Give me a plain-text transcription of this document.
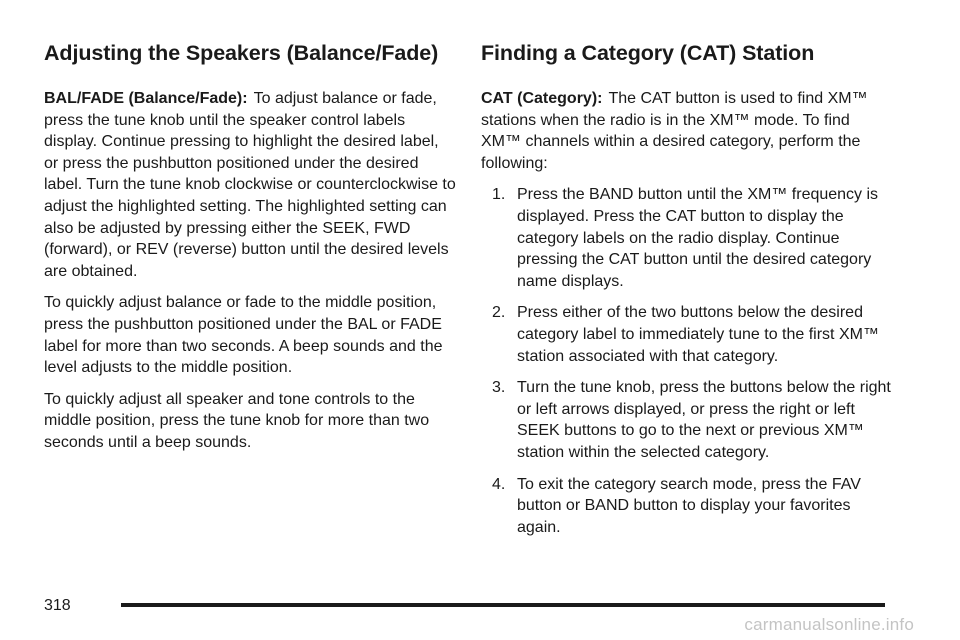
Adjusting the Speakers (Balance/Fade)

BAL/FADE (Balance/Fade): To adjust balance or fade, press the tune knob until the speaker control labels display. Continue pressing to highlight the desired label, or press the pushbutton positioned under the desired label. Turn the tune knob clockwise or counterclockwise to adjust the highlighted setting. The highlighted setting can also be adjusted by pressing either the SEEK, FWD (forward), or REV (reverse) button until the desired levels are obtained.

To quickly adjust balance or fade to the middle position, press the pushbutton positioned under the BAL or FADE label for more than two seconds. A beep sounds and the level adjusts to the middle position.

To quickly adjust all speaker and tone controls to the middle position, press the tune knob for more than two seconds until a beep sounds.

Finding a Category (CAT) Station

CAT (Category): The CAT button is used to find XM™ stations when the radio is in the XM™ mode. To find XM™ channels within a desired category, perform the following:

1. Press the BAND button until the XM™ frequency is displayed. Press the CAT button to display the category labels on the radio display. Continue pressing the CAT button until the desired category name displays.
2. Press either of the two buttons below the desired category label to immediately tune to the first XM™ station associated with that category.
3. Turn the tune knob, press the buttons below the right or left arrows displayed, or press the right or left SEEK buttons to go to the next or previous XM™ station within the selected category.
4. To exit the category search mode, press the FAV button or BAND button to display your favorites again.
318
carmanualsonline.info
